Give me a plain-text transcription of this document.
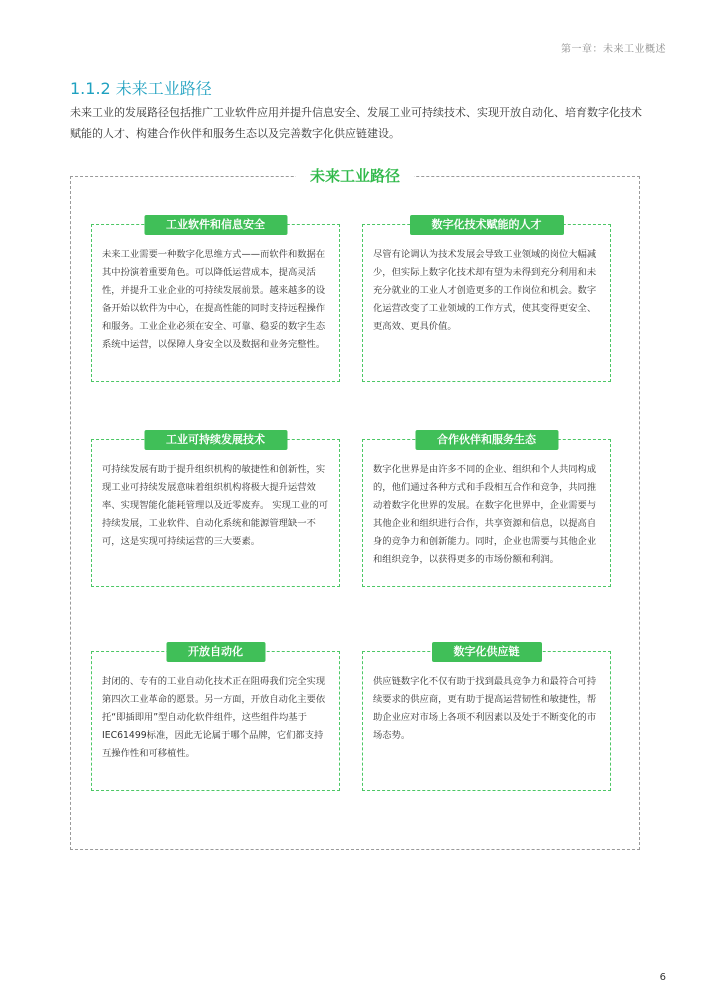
第一章：未来工业概述
1.1.2 未来工业路径

未来工业的发展路径包括推广工业软件应用并提升信息安全、发展工业可持续技术、实现开放自动化、培育数字化技术赋能的人才、构建合作伙伴和服务生态以及完善数字化供应链建设。

未来工业路径
工业软件和信息安全

未来工业需要一种数字化思维方式——而软件和数据在其中扮演着重要角色。可以降低运营成本，提高灵活性，并提升工业企业的可持续发展前景。越来越多的设备开始以软件为中心，在提高性能的同时支持远程操作和服务。工业企业必须在安全、可靠、稳妥的数字生态系统中运营，以保障人身安全以及数据和业务完整性。

数字化技术赋能的人才

尽管有论调认为技术发展会导致工业领域的岗位大幅减少，但实际上数字化技术却有望为未得到充分利用和未充分就业的工业人才创造更多的工作岗位和机会。数字化运营改变了工业领域的工作方式，使其变得更安全、更高效、更具价值。

工业可持续发展技术

可持续发展有助于提升组织机构的敏捷性和创新性，实现工业可持续发展意味着组织机构将极大提升运营效率、实现智能化能耗管理以及近零废弃。 实现工业的可持续发展，工业软件、自动化系统和能源管理缺一不可，这是实现可持续运营的三大要素。

合作伙伴和服务生态

数字化世界是由许多不同的企业、组织和个人共同构成的，他们通过各种方式和手段相互合作和竞争，共同推动着数字化世界的发展。在数字化世界中，企业需要与其他企业和组织进行合作，共享资源和信息，以提高自身的竞争力和创新能力。同时，企业也需要与其他企业和组织竞争，以获得更多的市场份额和利润。

开放自动化

封闭的、专有的工业自动化技术正在阻碍我们完全实现第四次工业革命的愿景。另一方面，开放自动化主要依托“即插即用”型自动化软件组件，这些组件均基于IEC61499标准，因此无论属于哪个品牌，它们都支持互操作性和可移植性。

数字化供应链

供应链数字化不仅有助于找到最具竞争力和最符合可持续要求的供应商，更有助于提高运营韧性和敏捷性，帮助企业应对市场上各项不利因素以及处于不断变化的市场态势。

6
